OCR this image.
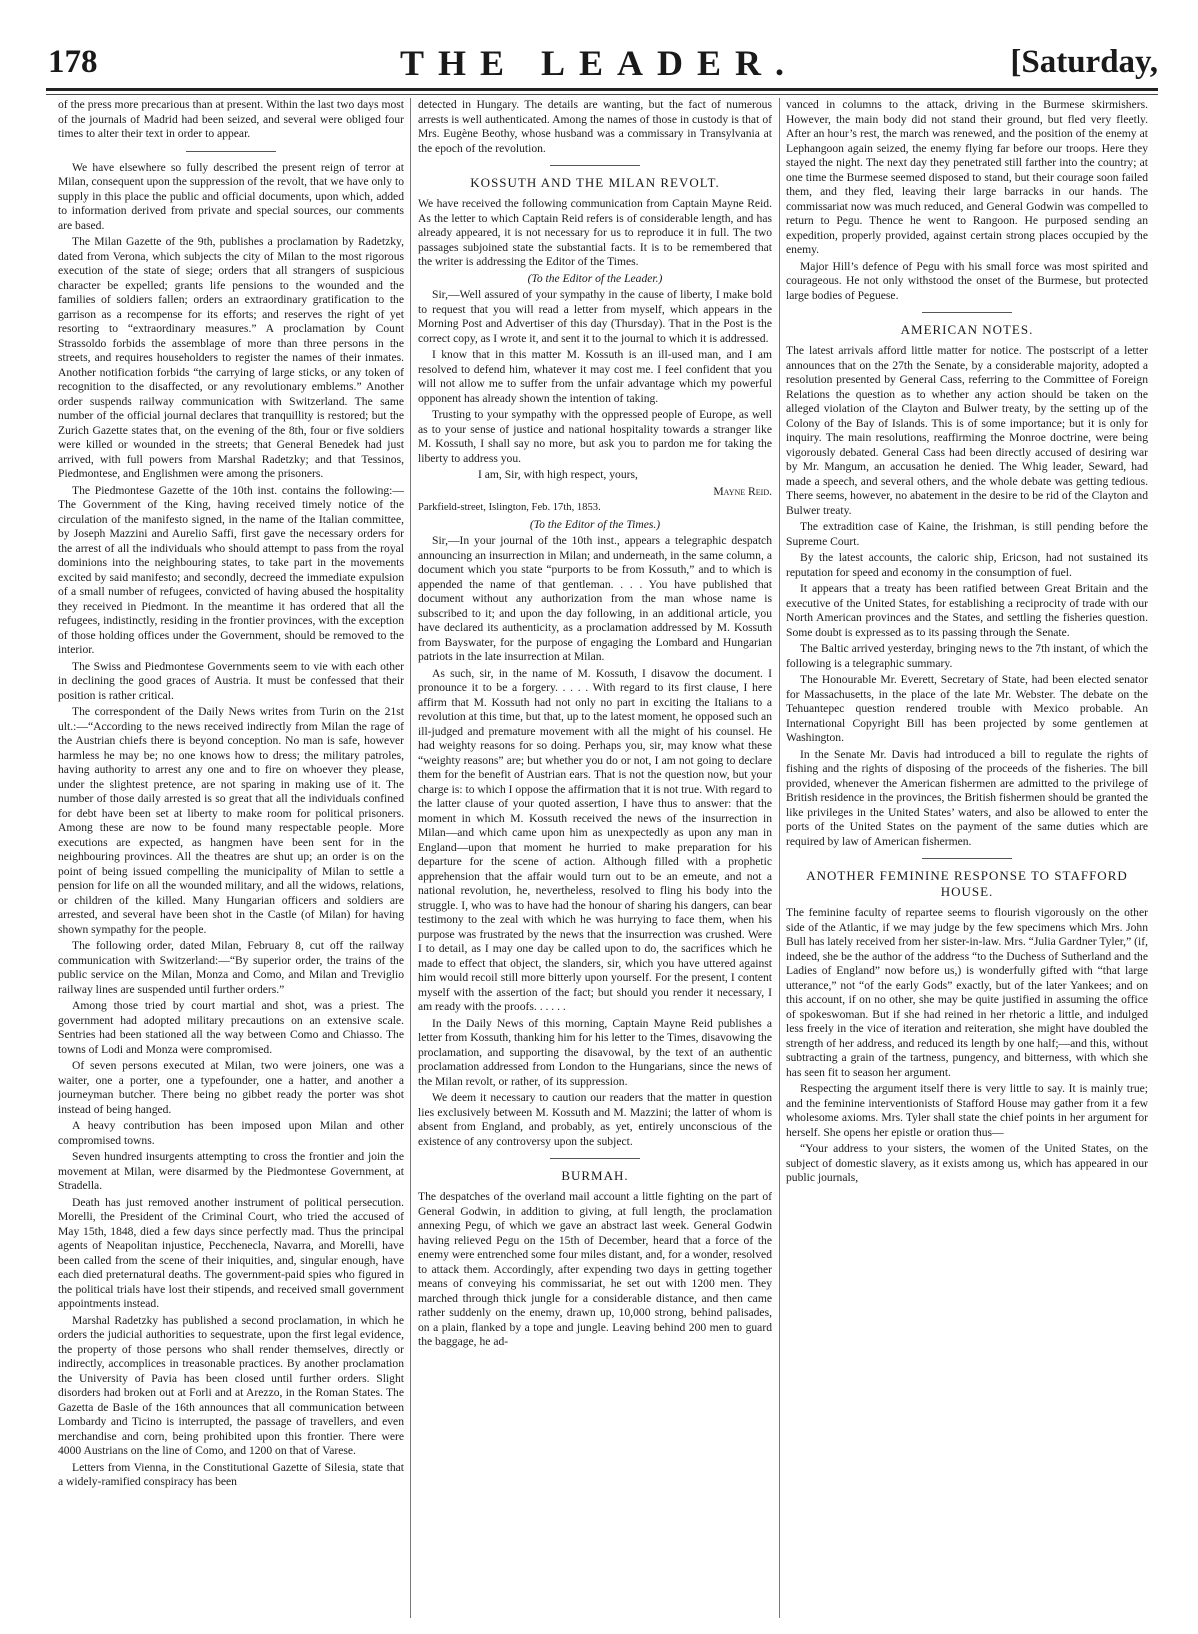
178	THE LEADER.	[Saturday,

of the press more precarious than at present. Within the last two days most of the journals of Madrid had been seized, and several were obliged four times to alter their text in order to appear.

We have elsewhere so fully described the present reign of terror at Milan, consequent upon the suppression of the revolt, that we have only to supply in this place the public and official documents, upon which, added to information derived from private and special sources, our comments are based.

The Milan Gazette of the 9th, publishes a proclamation by Radetzky, dated from Verona, which subjects the city of Milan to the most rigorous execution of the state of siege; orders that all strangers of suspicious character be expelled; grants life pensions to the wounded and the families of soldiers fallen; orders an extraordinary gratification to the garrison as a recompense for its efforts; and reserves the right of yet resorting to “extraordinary measures.” A proclamation by Count Strassoldo forbids the assemblage of more than three persons in the streets, and requires householders to register the names of their inmates. Another notification forbids “the carrying of large sticks, or any token of recognition to the disaffected, or any revolutionary emblems.” Another order suspends railway communication with Switzerland. The same number of the official journal declares that tranquillity is restored; but the Zurich Gazette states that, on the evening of the 8th, four or five soldiers were killed or wounded in the streets; that General Benedek had just arrived, with full powers from Marshal Radetzky; and that Tessinos, Piedmontese, and Englishmen were among the prisoners.

The Piedmontese Gazette of the 10th inst. contains the following:—The Government of the King, having received timely notice of the circulation of the manifesto signed, in the name of the Italian committee, by Joseph Mazzini and Aurelio Saffi, first gave the necessary orders for the arrest of all the individuals who should attempt to pass from the royal dominions into the neighbouring states, to take part in the movements excited by said manifesto; and secondly, decreed the immediate expulsion of a small number of refugees, convicted of having abused the hospitality they received in Piedmont. In the meantime it has ordered that all the refugees, indistinctly, residing in the frontier provinces, with the exception of those holding offices under the Government, should be removed to the interior.

The Swiss and Piedmontese Governments seem to vie with each other in declining the good graces of Austria. It must be confessed that their position is rather critical.

The correspondent of the Daily News writes from Turin on the 21st ult.:—“According to the news received indirectly from Milan the rage of the Austrian chiefs there is beyond conception. No man is safe, however harmless he may be; no one knows how to dress; the military patroles, having authority to arrest any one and to fire on whoever they please, under the slightest pretence, are not sparing in making use of it. The number of those daily arrested is so great that all the individuals confined for debt have been set at liberty to make room for political prisoners. Among these are now to be found many respectable people. More executions are expected, as hangmen have been sent for in the neighbouring provinces. All the theatres are shut up; an order is on the point of being issued compelling the municipality of Milan to settle a pension for life on all the wounded military, and all the widows, relations, or children of the killed. Many Hungarian officers and soldiers are arrested, and several have been shot in the Castle (of Milan) for having shown sympathy for the people.

The following order, dated Milan, February 8, cut off the railway communication with Switzerland:—“By superior order, the trains of the public service on the Milan, Monza and Como, and Milan and Treviglio railway lines are suspended until further orders.”

Among those tried by court martial and shot, was a priest. The government had adopted military precautions on an extensive scale. Sentries had been stationed all the way between Como and Chiasso. The towns of Lodi and Monza were compromised.

Of seven persons executed at Milan, two were joiners, one was a waiter, one a porter, one a typefounder, one a hatter, and another a journeyman butcher. There being no gibbet ready the porter was shot instead of being hanged.

A heavy contribution has been imposed upon Milan and other compromised towns.

Seven hundred insurgents attempting to cross the frontier and join the movement at Milan, were disarmed by the Piedmontese Government, at Stradella.

Death has just removed another instrument of political persecution. Morelli, the President of the Criminal Court, who tried the accused of May 15th, 1848, died a few days since perfectly mad. Thus the principal agents of Neapolitan injustice, Pecchenecla, Navarra, and Morelli, have been called from the scene of their iniquities, and, singular enough, have each died preternatural deaths. The government-paid spies who figured in the political trials have lost their stipends, and received small government appointments instead.

Marshal Radetzky has published a second proclamation, in which he orders the judicial authorities to sequestrate, upon the first legal evidence, the property of those persons who shall render themselves, directly or indirectly, accomplices in treasonable practices. By another proclamation the University of Pavia has been closed until further orders. Slight disorders had broken out at Forli and at Arezzo, in the Roman States. The Gazetta de Basle of the 16th announces that all communication between Lombardy and Ticino is interrupted, the passage of travellers, and even merchandise and corn, being prohibited upon this frontier. There were 4000 Austrians on the line of Como, and 1200 on that of Varese.

Letters from Vienna, in the Constitutional Gazette of Silesia, state that a widely-ramified conspiracy has been

detected in Hungary. The details are wanting, but the fact of numerous arrests is well authenticated. Among the names of those in custody is that of Mrs. Eugène Beothy, whose husband was a commissary in Transylvania at the epoch of the revolution.

KOSSUTH AND THE MILAN REVOLT.

We have received the following communication from Captain Mayne Reid. As the letter to which Captain Reid refers is of considerable length, and has already appeared, it is not necessary for us to reproduce it in full. The two passages subjoined state the substantial facts. It is to be remembered that the writer is addressing the Editor of the Times.

(To the Editor of the Leader.)

Sir,—Well assured of your sympathy in the cause of liberty, I make bold to request that you will read a letter from myself, which appears in the Morning Post and Advertiser of this day (Thursday). That in the Post is the correct copy, as I wrote it, and sent it to the journal to which it is addressed.

I know that in this matter M. Kossuth is an ill-used man, and I am resolved to defend him, whatever it may cost me. I feel confident that you will not allow me to suffer from the unfair advantage which my powerful opponent has already shown the intention of taking.

Trusting to your sympathy with the oppressed people of Europe, as well as to your sense of justice and national hospitality towards a stranger like M. Kossuth, I shall say no more, but ask you to pardon me for taking the liberty to address you.

I am, Sir, with high respect, yours,

Mayne Reid.

Parkfield-street, Islington, Feb. 17th, 1853.

(To the Editor of the Times.)

Sir,—In your journal of the 10th inst., appears a telegraphic despatch announcing an insurrection in Milan; and underneath, in the same column, a document which you state “purports to be from Kossuth,” and to which is appended the name of that gentleman. . . . You have published that document without any authorization from the man whose name is subscribed to it; and upon the day following, in an additional article, you have declared its authenticity, as a proclamation addressed by M. Kossuth from Bayswater, for the purpose of engaging the Lombard and Hungarian patriots in the late insurrection at Milan.

As such, sir, in the name of M. Kossuth, I disavow the document. I pronounce it to be a forgery. . . . . With regard to its first clause, I here affirm that M. Kossuth had not only no part in exciting the Italians to a revolution at this time, but that, up to the latest moment, he opposed such an ill-judged and premature movement with all the might of his counsel. He had weighty reasons for so doing. Perhaps you, sir, may know what these “weighty reasons” are; but whether you do or not, I am not going to declare them for the benefit of Austrian ears. That is not the question now, but your charge is: to which I oppose the affirmation that it is not true. With regard to the latter clause of your quoted assertion, I have thus to answer: that the moment in which M. Kossuth received the news of the insurrection in Milan—and which came upon him as unexpectedly as upon any man in England—upon that moment he hurried to make preparation for his departure for the scene of action. Although filled with a prophetic apprehension that the affair would turn out to be an emeute, and not a national revolution, he, nevertheless, resolved to fling his body into the struggle. I, who was to have had the honour of sharing his dangers, can bear testimony to the zeal with which he was hurrying to face them, when his purpose was frustrated by the news that the insurrection was crushed. Were I to detail, as I may one day be called upon to do, the sacrifices which he made to effect that object, the slanders, sir, which you have uttered against him would recoil still more bitterly upon yourself. For the present, I content myself with the assertion of the fact; but should you render it necessary, I am ready with the proofs. . . . . .

In the Daily News of this morning, Captain Mayne Reid publishes a letter from Kossuth, thanking him for his letter to the Times, disavowing the proclamation, and supporting the disavowal, by the text of an authentic proclamation addressed from London to the Hungarians, since the news of the Milan revolt, or rather, of its suppression.

We deem it necessary to caution our readers that the matter in question lies exclusively between M. Kossuth and M. Mazzini; the latter of whom is absent from England, and probably, as yet, entirely unconscious of the existence of any controversy upon the subject.

BURMAH.

The despatches of the overland mail account a little fighting on the part of General Godwin, in addition to giving, at full length, the proclamation annexing Pegu, of which we gave an abstract last week. General Godwin having relieved Pegu on the 15th of December, heard that a force of the enemy were entrenched some four miles distant, and, for a wonder, resolved to attack them. Accordingly, after expending two days in getting together means of conveying his commissariat, he set out with 1200 men. They marched through thick jungle for a considerable distance, and then came rather suddenly on the enemy, drawn up, 10,000 strong, behind palisades, on a plain, flanked by a tope and jungle. Leaving behind 200 men to guard the baggage, he ad-

vanced in columns to the attack, driving in the Burmese skirmishers. However, the main body did not stand their ground, but fled very fleetly. After an hour’s rest, the march was renewed, and the position of the enemy at Lephangoon again seized, the enemy flying far before our troops. Here they stayed the night. The next day they penetrated still farther into the country; at one time the Burmese seemed disposed to stand, but their courage soon failed them, and they fled, leaving their large barracks in our hands. The commissariat now was much reduced, and General Godwin was compelled to return to Pegu. Thence he went to Rangoon. He purposed sending an expedition, properly provided, against certain strong places occupied by the enemy.

Major Hill’s defence of Pegu with his small force was most spirited and courageous. He not only withstood the onset of the Burmese, but protected large bodies of Peguese.

AMERICAN NOTES.

The latest arrivals afford little matter for notice. The postscript of a letter announces that on the 27th the Senate, by a considerable majority, adopted a resolution presented by General Cass, referring to the Committee of Foreign Relations the question as to whether any action should be taken on the alleged violation of the Clayton and Bulwer treaty, by the setting up of the Colony of the Bay of Islands. This is of some importance; but it is only for inquiry. The main resolutions, reaffirming the Monroe doctrine, were being vigorously debated. General Cass had been directly accused of desiring war by Mr. Mangum, an accusation he denied. The Whig leader, Seward, had made a speech, and several others, and the whole debate was getting tedious. There seems, however, no abatement in the desire to be rid of the Clayton and Bulwer treaty.

The extradition case of Kaine, the Irishman, is still pending before the Supreme Court.

By the latest accounts, the caloric ship, Ericson, had not sustained its reputation for speed and economy in the consumption of fuel.

It appears that a treaty has been ratified between Great Britain and the executive of the United States, for establishing a reciprocity of trade with our North American provinces and the States, and settling the fisheries question. Some doubt is expressed as to its passing through the Senate.

The Baltic arrived yesterday, bringing news to the 7th instant, of which the following is a telegraphic summary.

The Honourable Mr. Everett, Secretary of State, had been elected senator for Massachusetts, in the place of the late Mr. Webster. The debate on the Tehuantepec question rendered trouble with Mexico probable. An International Copyright Bill has been projected by some gentlemen at Washington.

In the Senate Mr. Davis had introduced a bill to regulate the rights of fishing and the rights of disposing of the proceeds of the fisheries. The bill provided, whenever the American fishermen are admitted to the privilege of British residence in the provinces, the British fishermen should be granted the like privileges in the United States’ waters, and also be allowed to enter the ports of the United States on the payment of the same duties which are required by law of American fishermen.

ANOTHER FEMININE RESPONSE TO STAFFORD HOUSE.

The feminine faculty of repartee seems to flourish vigorously on the other side of the Atlantic, if we may judge by the few specimens which Mrs. John Bull has lately received from her sister-in-law. Mrs. “Julia Gardner Tyler,” (if, indeed, she be the author of the address “to the Duchess of Sutherland and the Ladies of England” now before us,) is wonderfully gifted with “that large utterance,” not “of the early Gods” exactly, but of the later Yankees; and on this account, if on no other, she may be quite justified in assuming the office of spokeswoman. But if she had reined in her rhetoric a little, and indulged less freely in the vice of iteration and reiteration, she might have doubled the strength of her address, and reduced its length by one half;—and this, without subtracting a grain of the tartness, pungency, and bitterness, with which she has seen fit to season her argument.

Respecting the argument itself there is very little to say. It is mainly true; and the feminine interventionists of Stafford House may gather from it a few wholesome axioms. Mrs. Tyler shall state the chief points in her argument for herself. She opens her epistle or oration thus—

“Your address to your sisters, the women of the United States, on the subject of domestic slavery, as it exists among us, which has appeared in our public journals,
